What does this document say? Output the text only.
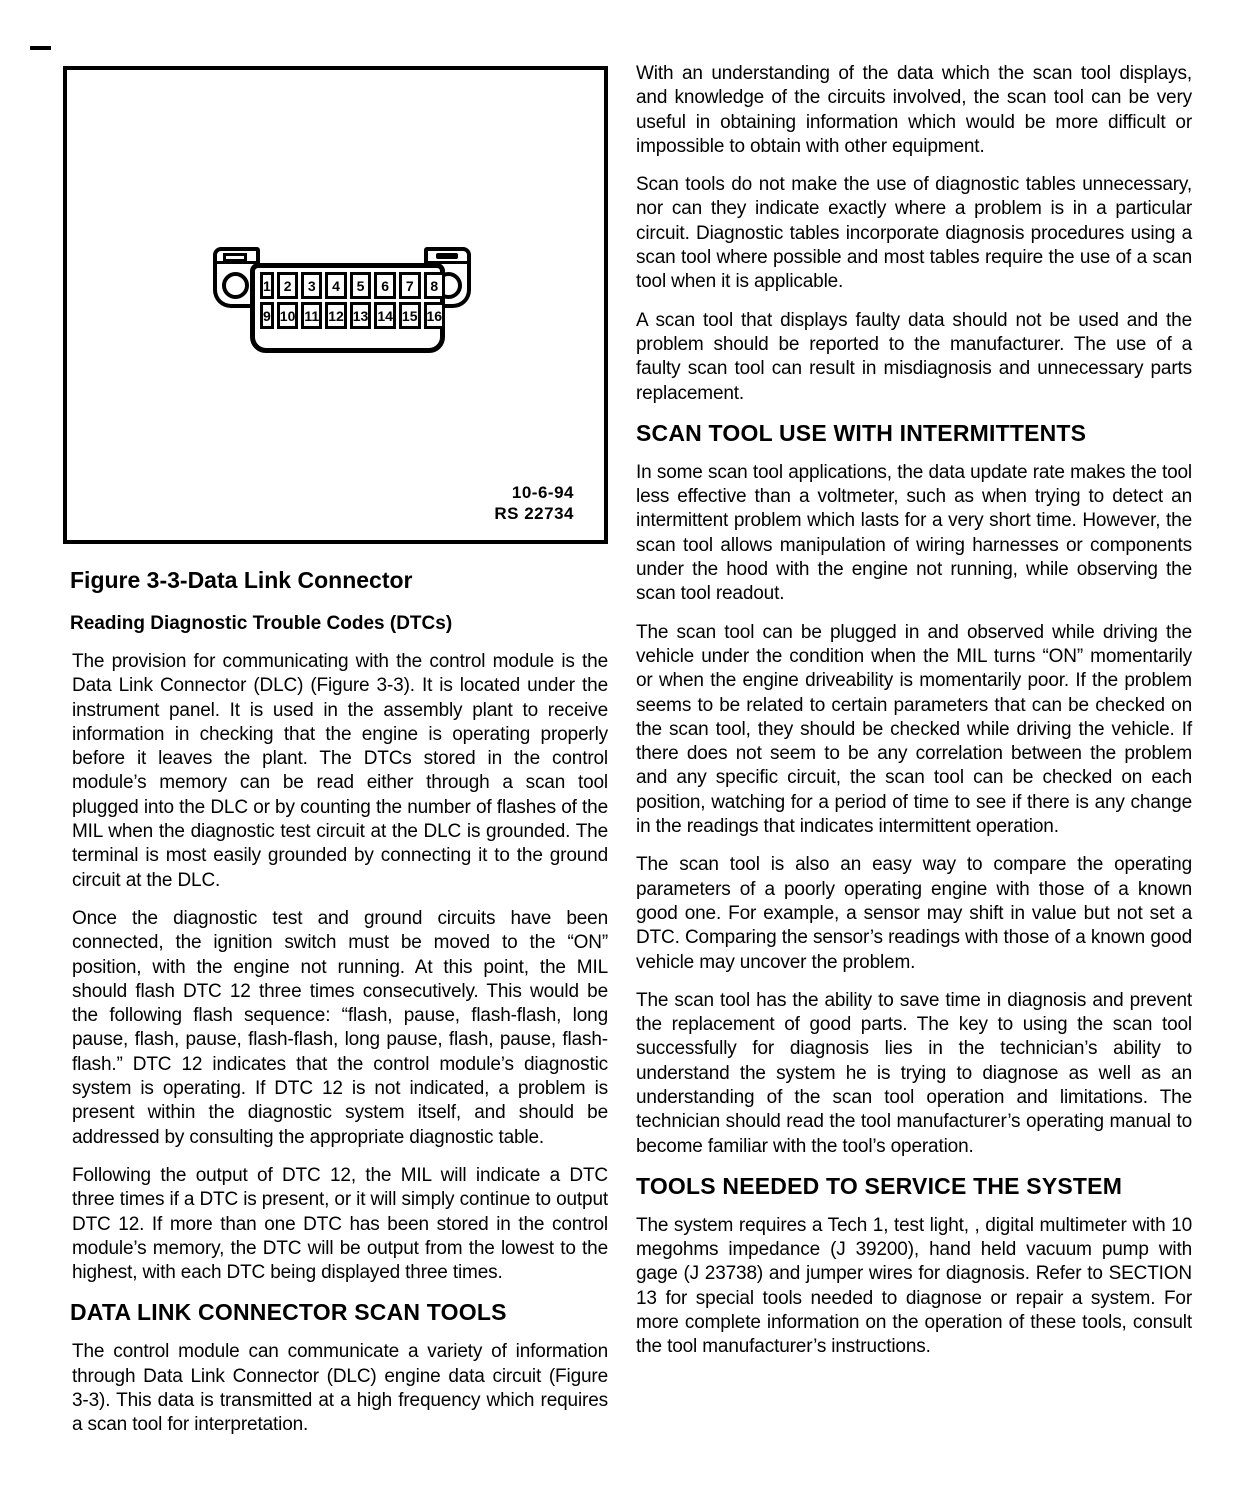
1 2	3	4	5	6	7	8
9 10 11 12 13 14 15 16
10-6-94
RS 22734
Figure 3-3-Data Link Connector
Reading Diagnostic Trouble Codes (DTCs)

The provision for communicating with the control module is the Data Link Connector (DLC) (Figure 3-3). It is located under the instrument panel. It is used in the assembly plant to receive information in checking that the engine is operating properly before it leaves the plant. The DTCs stored in the control module’s memory can be read either through a scan tool plugged into the DLC or by counting the number of flashes of the MIL when the diagnostic test circuit at the DLC is grounded. The terminal is most easily grounded by connecting it to the ground circuit at the DLC.

Once the diagnostic test and ground circuits have been connected, the ignition switch must be moved to the “ON” position, with the engine not running. At this point, the MIL should flash DTC 12 three times consecutively. This would be the following flash sequence: “flash, pause, flash-flash, long pause, flash, pause, flash-flash, long pause, flash, pause, flash-flash.” DTC 12 indicates that the control module’s diagnostic system is operating. If DTC 12 is not indicated, a problem is present within the diagnostic system itself, and should be addressed by consulting the appropriate diagnostic table.

Following the output of DTC 12, the MIL will indicate a DTC three times if a DTC is present, or it will simply continue to output DTC 12. If more than one DTC has been stored in the control module’s memory, the DTC will be output from the lowest to the highest, with each DTC being displayed three times.

DATA LINK CONNECTOR SCAN TOOLS

The control module can communicate a variety of information through Data Link Connector (DLC) engine data circuit (Figure 3-3). This data is transmitted at a high frequency which requires a scan tool for interpretation.

With an understanding of the data which the scan tool displays, and knowledge of the circuits involved, the scan tool can be very useful in obtaining information which would be more difficult or impossible to obtain with other equipment.

Scan tools do not make the use of diagnostic tables unnecessary, nor can they indicate exactly where a problem is in a particular circuit. Diagnostic tables incorporate diagnosis procedures using a scan tool where possible and most tables require the use of a scan tool when it is applicable.

A scan tool that displays faulty data should not be used and the problem should be reported to the manufacturer. The use of a faulty scan tool can result in misdiagnosis and unnecessary parts replacement.

SCAN TOOL USE WITH INTERMITTENTS

In some scan tool applications, the data update rate makes the tool less effective than a voltmeter, such as when trying to detect an intermittent problem which lasts for a very short time. However, the scan tool allows manipulation of wiring harnesses or components under the hood with the engine not running, while observing the scan tool readout.

The scan tool can be plugged in and observed while driving the vehicle under the condition when the MIL turns “ON” momentarily or when the engine driveability is momentarily poor. If the problem seems to be related to certain parameters that can be checked on the scan tool, they should be checked while driving the vehicle. If there does not seem to be any correlation between the problem and any specific circuit, the scan tool can be checked on each position, watching for a period of time to see if there is any change in the readings that indicates intermittent operation.

The scan tool is also an easy way to compare the operating parameters of a poorly operating engine with those of a known good one. For example, a sensor may shift in value but not set a DTC. Comparing the sensor’s readings with those of a known good vehicle may uncover the problem.

The scan tool has the ability to save time in diagnosis and prevent the replacement of good parts. The key to using the scan tool successfully for diagnosis lies in the technician’s ability to understand the system he is trying to diagnose as well as an understanding of the scan tool operation and limitations. The technician should read the tool manufacturer’s operating manual to become familiar with the tool’s operation.

TOOLS NEEDED TO SERVICE THE SYSTEM

The system requires a Tech 1, test light, , digital multimeter with 10 megohms impedance (J 39200), hand held vacuum pump with gage (J 23738) and jumper wires for diagnosis. Refer to SECTION 13 for special tools needed to diagnose or repair a system. For more complete information on the operation of these tools, consult the tool manufacturer’s instructions.
